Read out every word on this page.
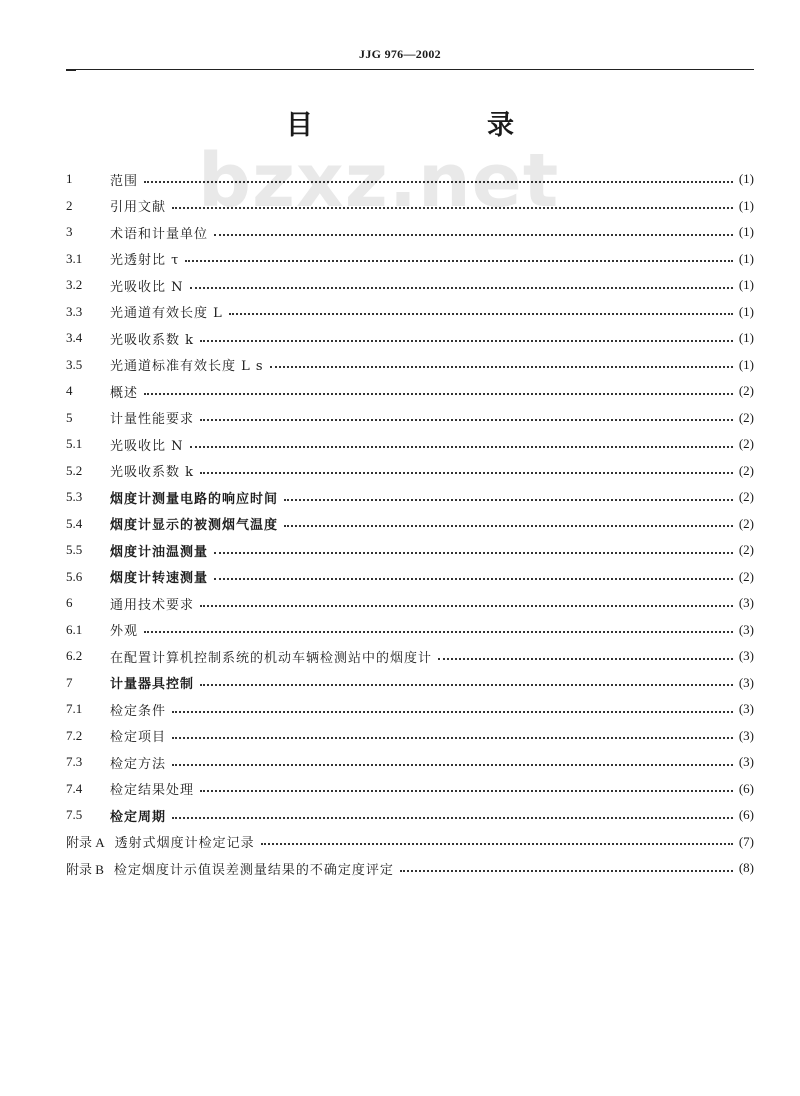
JJG 976—2002
目　　录
bzxz.net
1	范围	(1)
2	引用文献	(1)
3	术语和计量单位	(1)
3.1	光透射比 τ	(1)
3.2	光吸收比 N	(1)
3.3	光通道有效长度 L	(1)
3.4	光吸收系数 k	(1)
3.5	光通道标准有效长度 L s	(1)
4	概述	(2)
5	计量性能要求	(2)
5.1	光吸收比 N	(2)
5.2	光吸收系数 k	(2)
5.3	烟度计测量电路的响应时间	(2)
5.4	烟度计显示的被测烟气温度	(2)
5.5	烟度计油温测量	(2)
5.6	烟度计转速测量	(2)
6	通用技术要求	(3)
6.1	外观	(3)
6.2	在配置计算机控制系统的机动车辆检测站中的烟度计	(3)
7	计量器具控制	(3)
7.1	检定条件	(3)
7.2	检定项目	(3)
7.3	检定方法	(3)
7.4	检定结果处理	(6)
7.5	检定周期	(6)
附录 A 透射式烟度计检定记录	(7)
附录 B 检定烟度计示值误差测量结果的不确定度评定	(8)
